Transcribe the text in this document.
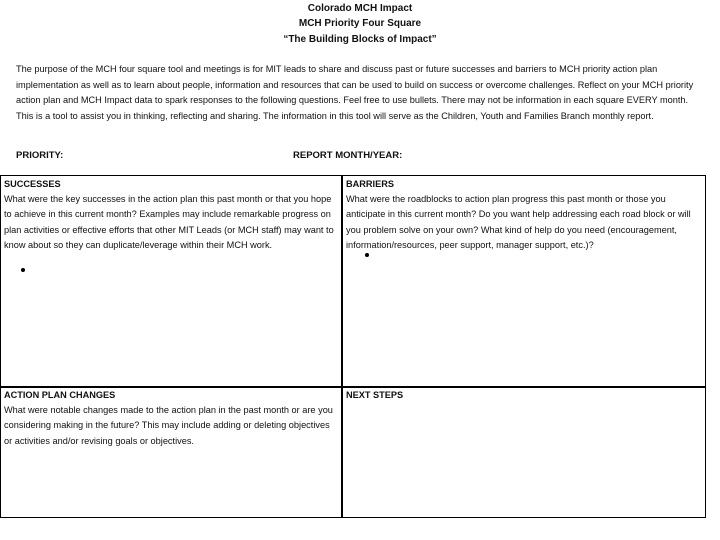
Colorado MCH Impact
MCH Priority Four Square
“The Building Blocks of Impact”
The purpose of the MCH four square tool and meetings is for MIT leads to share and discuss past or future successes and barriers to MCH priority action plan implementation as well as to learn about people, information and resources that can be used to build on success or overcome challenges. Reflect on your MCH priority action plan and MCH Impact data to spark responses to the following questions. Feel free to use bullets. There may not be information in each square EVERY month. This is a tool to assist you in thinking, reflecting and sharing. The information in this tool will serve as the Children, Youth and Families Branch monthly report.
PRIORITY:	REPORT MONTH/YEAR:
SUCCESSES
What were the key successes in the action plan this past month or that you hope to achieve in this current month? Examples may include remarkable progress on plan activities or effective efforts that other MIT Leads (or MCH staff) may want to know about so they can duplicate/leverage within their MCH work.
BARRIERS
What were the roadblocks to action plan progress this past month or those you anticipate in this current month? Do you want help addressing each road block or will you problem solve on your own? What kind of help do you need (encouragement, information/resources, peer support, manager support, etc.)?
ACTION PLAN CHANGES
What were notable changes made to the action plan in the past month or are you considering making in the future? This may include adding or deleting objectives or activities and/or revising goals or objectives.
NEXT STEPS
